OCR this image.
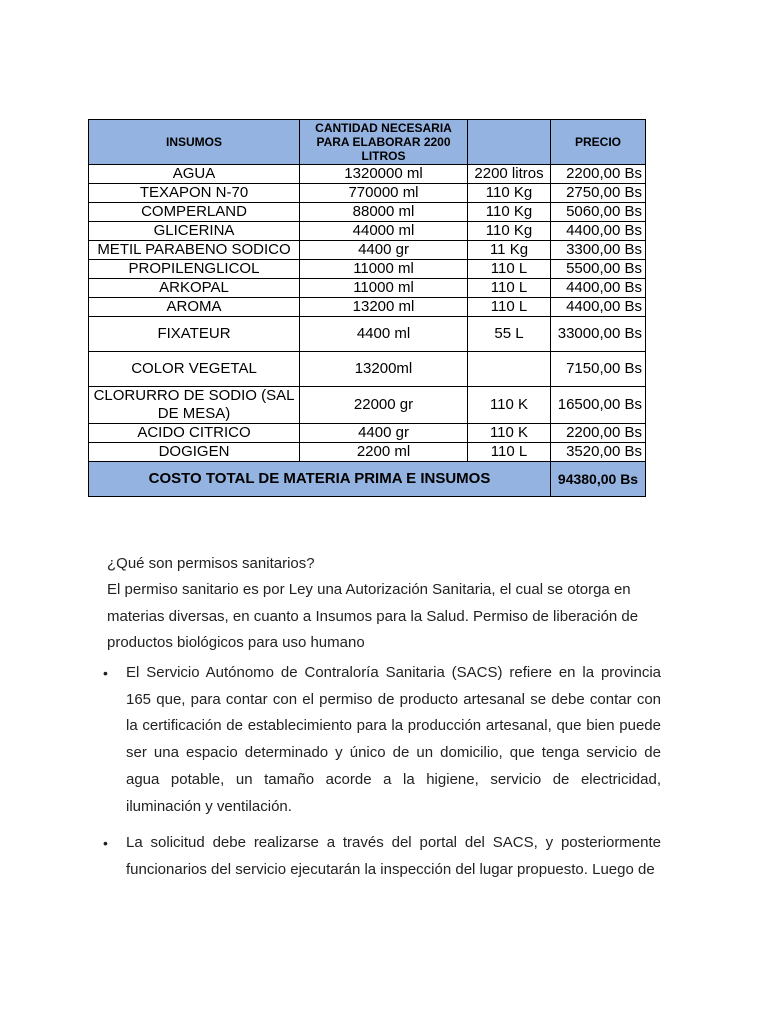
INSUMOS	CANTIDAD NECESARIA PARA ELABORAR 2200 LITROS		PRECIO
AGUA	1320000 ml	2200 litros	2200,00 Bs
TEXAPON N-70	770000 ml	110 Kg	2750,00 Bs
COMPERLAND	88000 ml	110 Kg	5060,00 Bs
GLICERINA	44000 ml	110 Kg	4400,00 Bs
METIL PARABENO SODICO	4400 gr	11 Kg	3300,00 Bs
PROPILENGLICOL	11000 ml	110 L	5500,00 Bs
ARKOPAL	11000 ml	110 L	4400,00 Bs
AROMA	13200 ml	110 L	4400,00 Bs
FIXATEUR	4400 ml	55 L	33000,00 Bs
COLOR VEGETAL	13200ml		7150,00 Bs
CLORURRO DE SODIO (SAL DE MESA)	22000 gr	110 K	16500,00 Bs
ACIDO CITRICO	4400 gr	110 K	2200,00 Bs
DOGIGEN	2200 ml	110 L	3520,00 Bs
COSTO TOTAL DE MATERIA PRIMA E INSUMOS			94380,00 Bs
¿Qué son permisos sanitarios?
El permiso sanitario es por Ley una Autorización Sanitaria, el cual se otorga en materias diversas, en cuanto a Insumos para la Salud. Permiso de liberación de productos biológicos para uso humano
• El Servicio Autónomo de Contraloría Sanitaria (SACS) refiere en la provincia 165 que, para contar con el permiso de producto artesanal se debe contar con la certificación de establecimiento para la producción artesanal, que bien puede ser una espacio determinado y único de un domicilio, que tenga servicio de agua potable, un tamaño acorde a la higiene, servicio de electricidad, iluminación y ventilación.
• La solicitud debe realizarse a través del portal del SACS, y posteriormente funcionarios del servicio ejecutarán la inspección del lugar propuesto. Luego de
